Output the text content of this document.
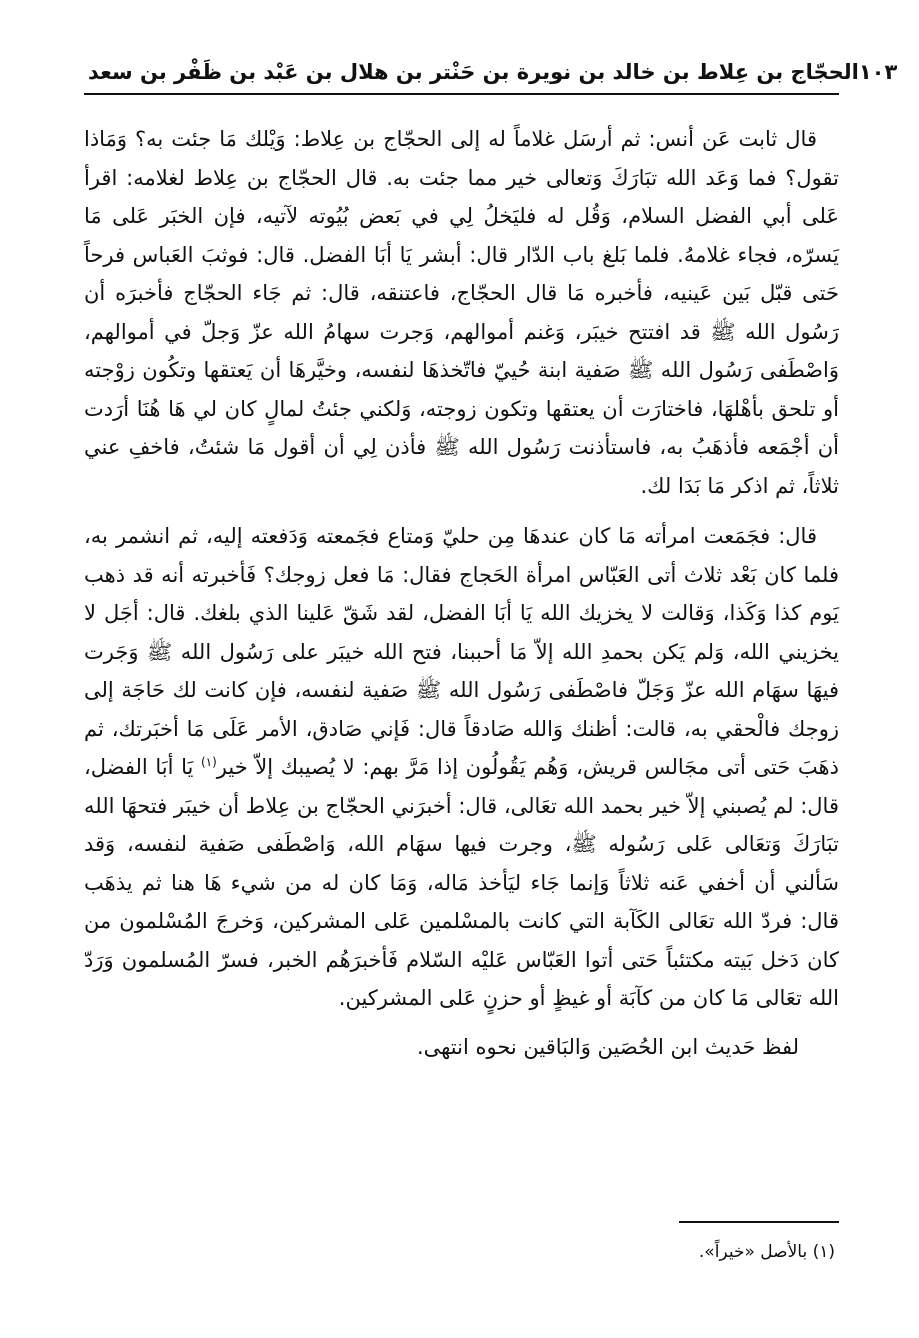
الحجّاج بن عِلاط بن خالد بن نويرة بن حَنْتر بن هلال بن عَبْد بن ظَفْر بن سعد ١٠٣

قال ثابت عَن أنس: ثم أرسَل غلاماً له إلى الحجّاج بن عِلاط: وَيْلك مَا جئت به؟ وَمَاذا تقول؟ فما وَعَد الله تبَارَكَ وَتعالى خير مما جئت به. قال الحجّاج بن عِلاط لغلامه: اقرأ عَلى أبي الفضل السلام، وَقُل له فليَخلُ لِي في بَعض بُيُوته لآتيه، فإن الخبَر عَلى مَا يَسرّه، فجاء غلامهُ. فلما بَلغ باب الدّار قال: أبشر يَا أبَا الفضل. قال: فوثبَ العَباس فرحاً حَتى قبّل بَين عَينيه، فأخبره مَا قال الحجّاج، فاعتنقه، قال: ثم جَاء الحجّاج فأخبرَه أن رَسُول الله ﷺ قد افتتح خيبَر، وَغنم أموالهم، وَجرت سهامُ الله عزّ وَجلّ في أموالهم، وَاصْطَفى رَسُول الله ﷺ صَفية ابنة حُييّ فاتّخذهَا لنفسه، وخيَّرهَا أن يَعتقها وتكُون زوْجته أو تلحق بأهْلهَا، فاختارَت أن يعتقها وتكون زوجته، وَلكني جئتُ لمالٍ كان لي هَا هُنَا أرَدت أن أجْمَعه فأذهَبُ به، فاستأذنت رَسُول الله ﷺ فأذن لِي أن أقول مَا شئتُ، فاخفِ عني ثلاثاً، ثم اذكر مَا بَدَا لك.

قال: فجَمَعت امرأته مَا كان عندهَا مِن حليّ وَمتاع فجَمعته وَدَفعته إليه، ثم انشمر به، فلما كان بَعْد ثلاث أتى العَبّاس امرأة الحَجاج فقال: مَا فعل زوجك؟ فَأخبرته أنه قد ذهب يَوم كذا وَكَذا، وَقالت لا يخزيك الله يَا أبَا الفضل، لقد شَقّ عَلينا الذي بلغك. قال: أجَل لا يخزيني الله، وَلم يَكن بحمدِ الله إلاّ مَا أحببنا، فتح الله خيبَر على رَسُول الله ﷺ وَجَرت فيهَا سهَام الله عزّ وَجَلّ فاصْطَفى رَسُول الله ﷺ صَفية لنفسه، فإن كانت لك حَاجَة إلى زوجك فالْحقي به، قالت: أظنك وَالله صَادقاً قال: فَإني صَادق، الأمر عَلَى مَا أخبَرتك، ثم ذهَبَ حَتى أتى مجَالس قريش، وَهُم يَقُولُون إذا مَرَّ بهم: لا يُصيبك إلاّ خير$^{(١)}$ يَا أبَا الفضل، قال: لم يُصبني إلاّ خير بحمد الله تعَالى، قال: أخبرَني الحجّاج بن عِلاط أن خيبَر فتحهَا الله تبَارَكَ وَتعَالى عَلى رَسُوله ﷺ، وجرت فيها سهَام الله، وَاصْطَفى صَفية لنفسه، وَقد سَألني أن أخفي عَنه ثلاثاً وَإنما جَاء ليَأخذ مَاله، وَمَا كان له من شيء هَا هنا ثم يذهَب قال: فردّ الله تعَالى الكَآبة التي كانت بالمسْلمين عَلى المشركين، وَخرجَ المُسْلمون من كان دَخل بَيته مكتئباً حَتى أتوا العَبّاس عَليْه السّلام فَأخبرَهُم الخبر، فسرّ المُسلمون وَرَدّ الله تعَالى مَا كان من كآبَة أو غيظٍ أو حزنٍ عَلى المشركين.

لفظ حَديث ابن الحُصَين وَالبَاقين نحوه انتهى.

(١) بالأصل «خيراً».
